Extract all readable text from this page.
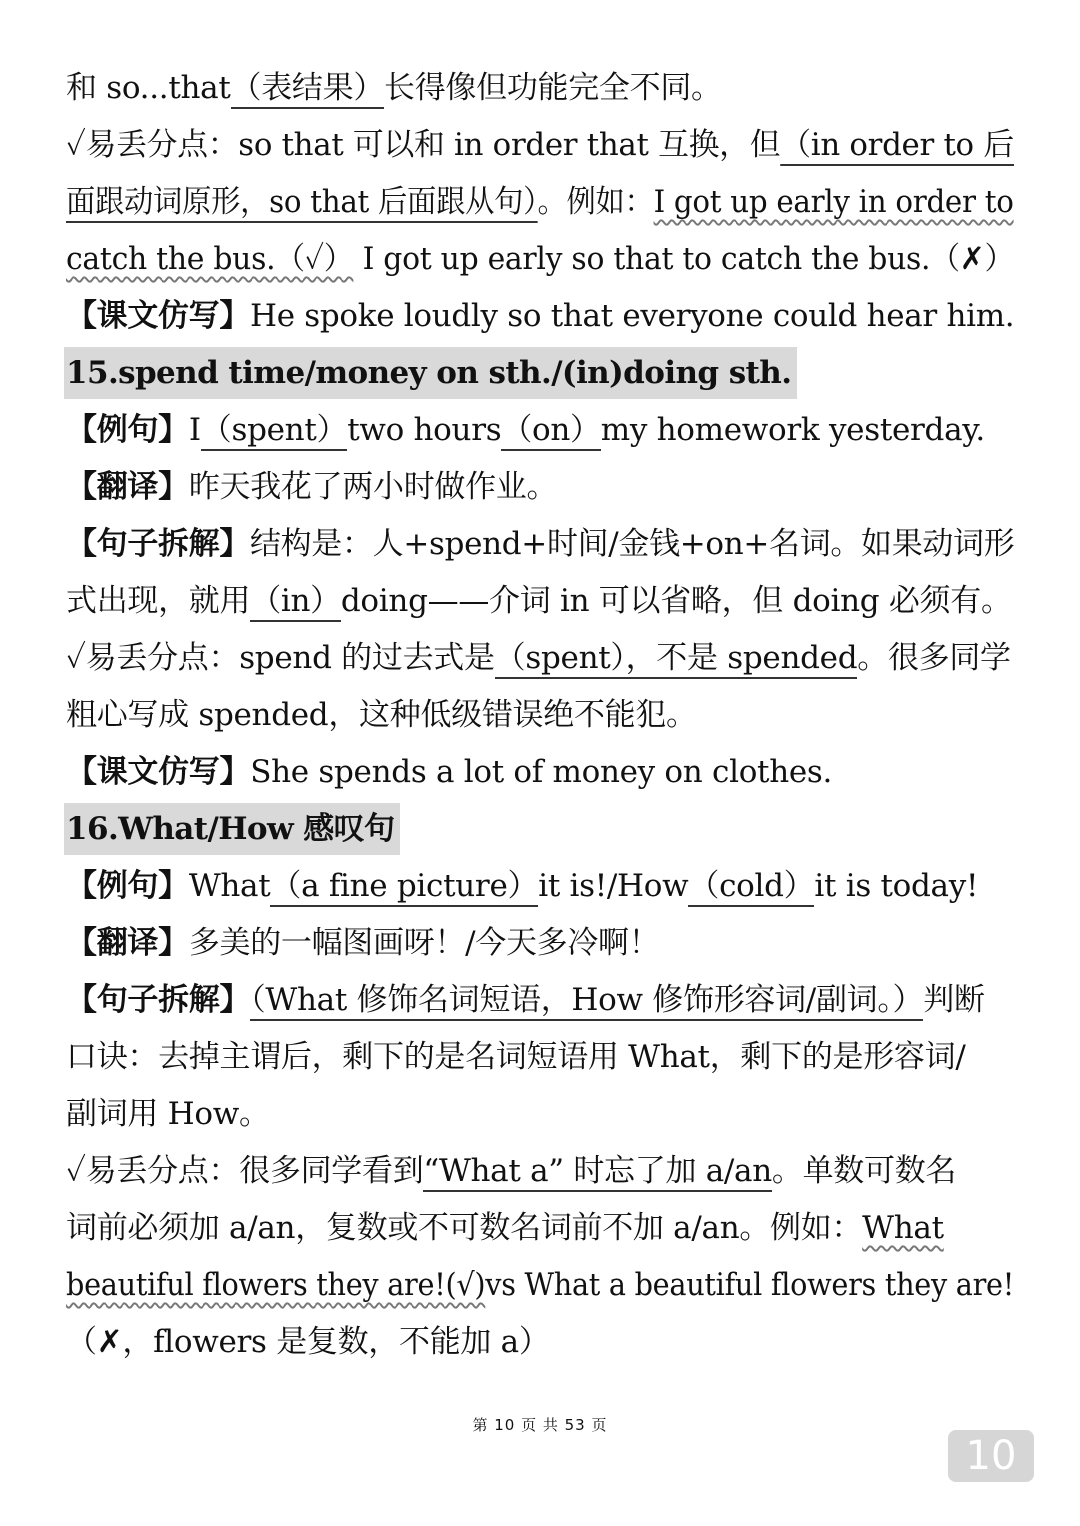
和 so...that（表结果）长得像但功能完全不同。
✓易丢分点：so that 可以和 in order that 互换，但（in order to 后
面跟动词原形，so that 后面跟从句）。例如：I got up early in order to
catch the bus.（✓） I got up early so that to catch the bus.（✗）
【课文仿写】He spoke loudly so that everyone could hear him.
15.spend time/money on sth./(in)doing sth.
【例句】I（spent）two hours（on）my homework yesterday.
【翻译】昨天我花了两小时做作业。
【句子拆解】结构是：人+spend+时间/金钱+on+名词。如果动词形
式出现，就用（in）doing——介词 in 可以省略，但 doing 必须有。
✓易丢分点：spend 的过去式是（spent），不是 spended。很多同学
粗心写成 spended，这种低级错误绝不能犯。
【课文仿写】She spends a lot of money on clothes.
16.What/How 感叹句
【例句】What（a fine picture）it is!/How（cold）it is today!
【翻译】多美的一幅图画呀！/今天多冷啊！
【句子拆解】（What 修饰名词短语，How 修饰形容词/副词。）判断
口诀：去掉主谓后，剩下的是名词短语用 What，剩下的是形容词/
副词用 How。
✓易丢分点：很多同学看到“What a” 时忘了加 a/an。单数可数名
词前必须加 a/an，复数或不可数名词前不加 a/an。例如：What
beautiful flowers they are!(√)vs What a beautiful flowers they are!
（✗，flowers 是复数，不能加 a）
第 10 页 共 53 页
10
